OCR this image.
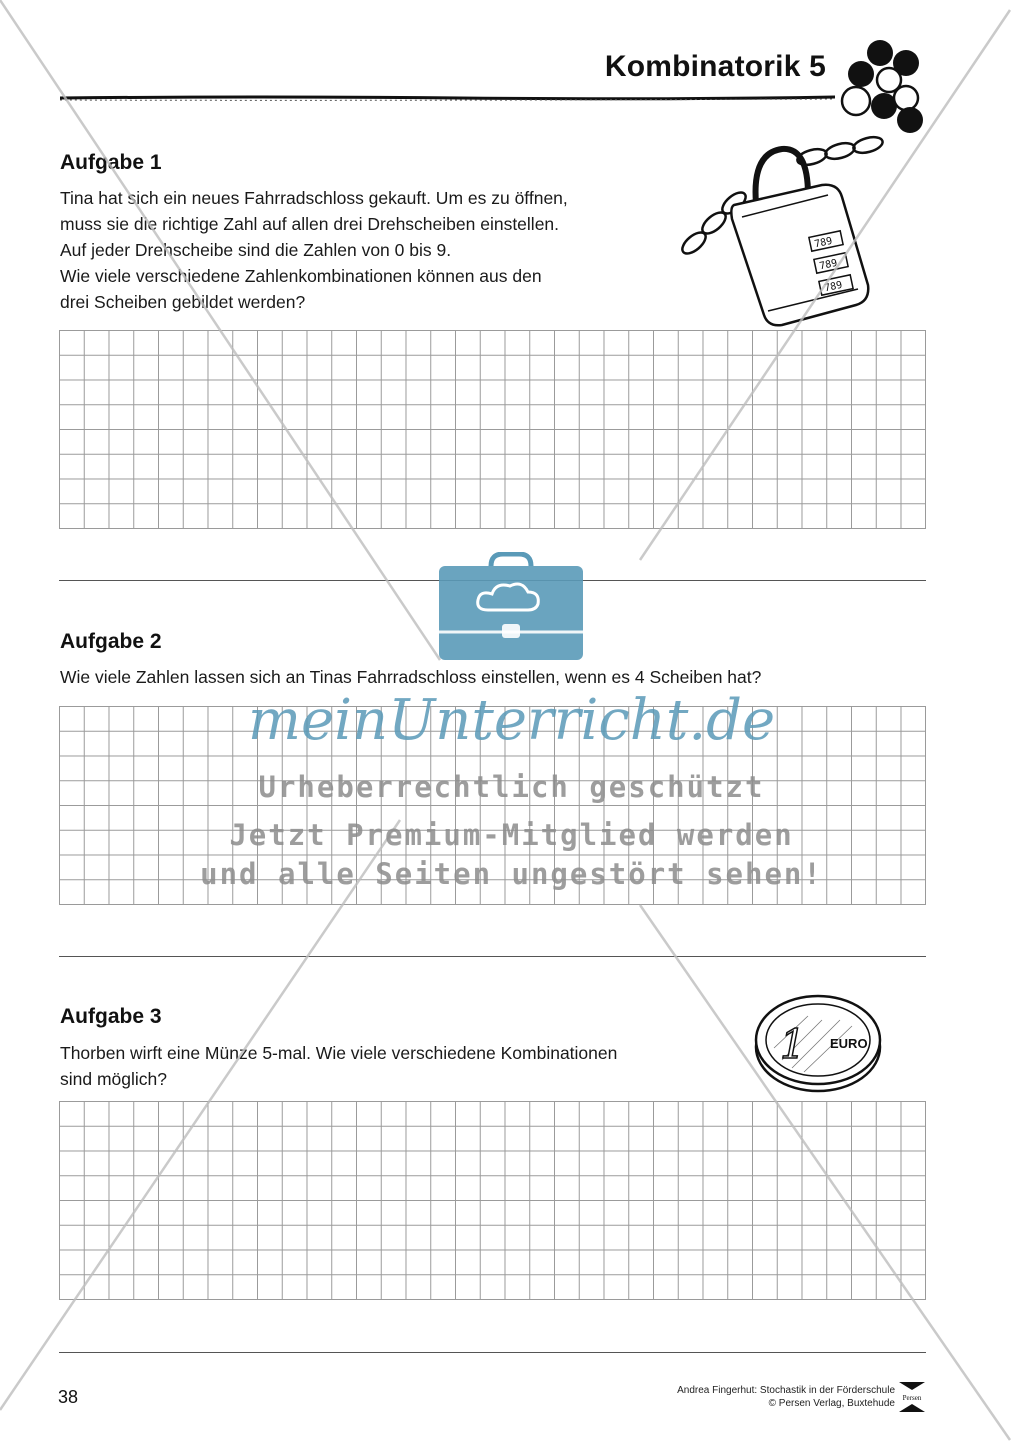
Kombinatorik 5
Aufgabe 1
Tina hat sich ein neues Fahrradschloss gekauft. Um es zu öffnen,
muss sie die richtige Zahl auf allen drei Drehscheiben einstellen.
Auf jeder Drehscheibe sind die Zahlen von 0 bis 9.
Wie viele verschiedene Zahlenkombinationen können aus den
drei Scheiben gebildet werden?
789
789
789
Aufgabe 2
Wie viele Zahlen lassen sich an Tinas Fahrradschloss einstellen, wenn es 4 Scheiben hat?
Aufgabe 3
Thorben wirft eine Münze 5-mal. Wie viele verschiedene Kombinationen
sind möglich?
1 EURO
38	Andrea Fingerhut: Stochastik in der Förderschule
© Persen Verlag, Buxtehude Persen
meinUnterricht.de
Urheberrechtlich geschützt
Jetzt Premium-Mitglied werden
und alle Seiten ungestört sehen!
